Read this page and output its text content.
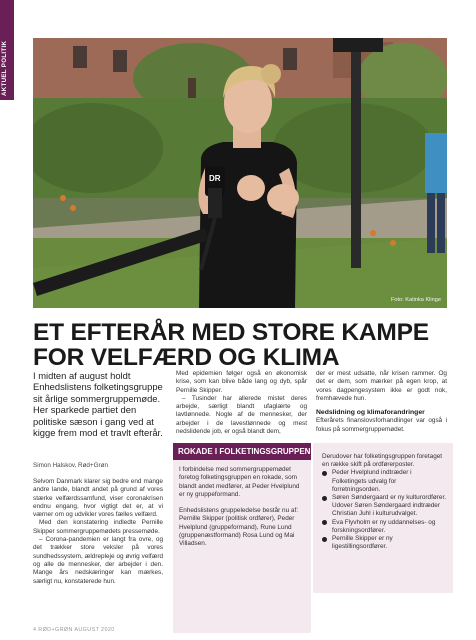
AKTUEL POLITIK
DR
Foto: Katinka Klinge
ET EFTERÅR MED STORE KAMPE
FOR VELFÆRD OG KLIMA
I midten af august holdt Enhedslistens folketingsgruppe sit årlige sommergruppemøde. Her sparkede partiet den politiske sæson i gang ved at kigge frem mod et travlt efterår.
Simon Halskov, Rød+Grøn

Selvom Danmark klarer sig bedre end mange andre lande, blandt andet på grund af vores stærke velfærdssamfund, viser coronakrisen endnu engang, hvor vigtigt det er, at vi værner om og udvikler vores fælles velfærd.

Med den konstatering indledte Pernille Skipper sommergruppemødets pressemøde.

– Corona-pandemien er langt fra ovre, og det trækker store veksler på vores sundhedssystem, ældrepleje og øvrig velfærd og alle de mennesker, der arbejder i den. Mange års nedskæringer kan mærkes, særligt nu, konstaterede hun.

Med epidemien følger også en økonomisk krise, som kan blive både lang og dyb, spår Pernille Skipper.

– Tusinder har allerede mistet deres arbejde, særligt blandt ufaglærte og lavtlønnede. Nogle af de mennesker, der arbejder i de lavestlønnede og mest nedslidende job, er også blandt dem,

der er mest udsatte, når krisen rammer. Og det er dem, som mærker på egen krop, at vores dagpengesystem ikke er godt nok, fremhævede hun.

Nedslidning og klimaforandringer

Efterårets finanslovsforhandlinger var også i fokus på sommergruppemødet.

ROKADE I FOLKETINGSGRUPPEN

I forbindelse med sommergruppemødet foretog folketingsgruppen en rokade, som blandt andet medfører, at Peder Hvelplund er ny gruppeformand.

Enhedslistens gruppeledelse består nu af: Pernille Skipper (politisk ordfører), Peder Hvelplund (gruppeformand), Rune Lund (gruppenæstformand) Rosa Lund og Mai Villadsen.

Derudover har folketingsgruppen foretaget en række skift på ordførerposter.

Peder Hvelplund indtræder i Folketingets udvalg for forretningsorden.
Søren Søndergaard er ny kulturordfører. Udover Søren Søndergaard indtræder Christian Juhl i kulturudvalget.
Eva Flyvholm er ny uddannelses- og forskningsordfører.
Pernille Skipper er ny ligestillingsordfører.
4 RØD+GRØN AUGUST 2020
